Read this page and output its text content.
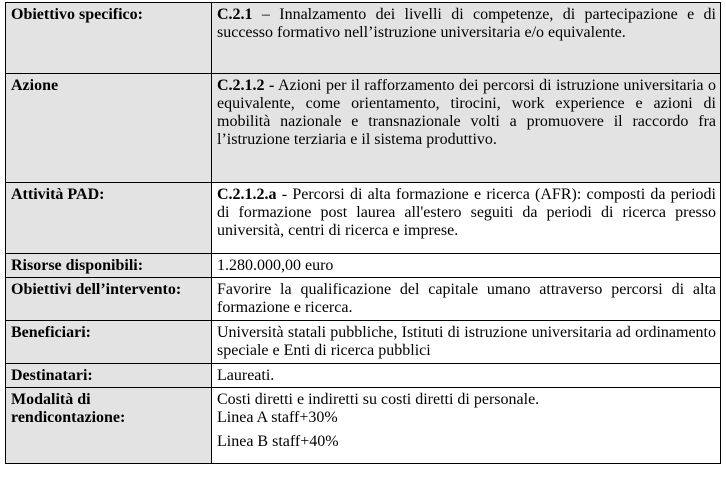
Obiettivo specifico:	C.2.1 – Innalzamento dei livelli di competenze, di partecipazione e di successo formativo nell’istruzione universitaria e/o equivalente.
Azione	C.2.1.2 - Azioni per il rafforzamento dei percorsi di istruzione universitaria o equivalente, come orientamento, tirocini, work experience e azioni di mobilità nazionale e transnazionale volti a promuovere il raccordo fra l’istruzione terziaria e il sistema produttivo.
Attività PAD:	C.2.1.2.a - Percorsi di alta formazione e ricerca (AFR): composti da periodi di formazione post laurea all'estero seguiti da periodi di ricerca presso università, centri di ricerca e imprese.
Risorse disponibili:	1.280.000,00 euro
Obiettivi dell’intervento:	Favorire la qualificazione del capitale umano attraverso percorsi di alta formazione e ricerca.
Beneficiari:	Università statali pubbliche, Istituti di istruzione universitaria ad ordinamento speciale e Enti di ricerca pubblici
Destinatari:	Laureati.
Modalità di rendicontazione:	Costi diretti e indiretti su costi diretti di personale.
Linea A staff+30%
Linea B staff+40%
